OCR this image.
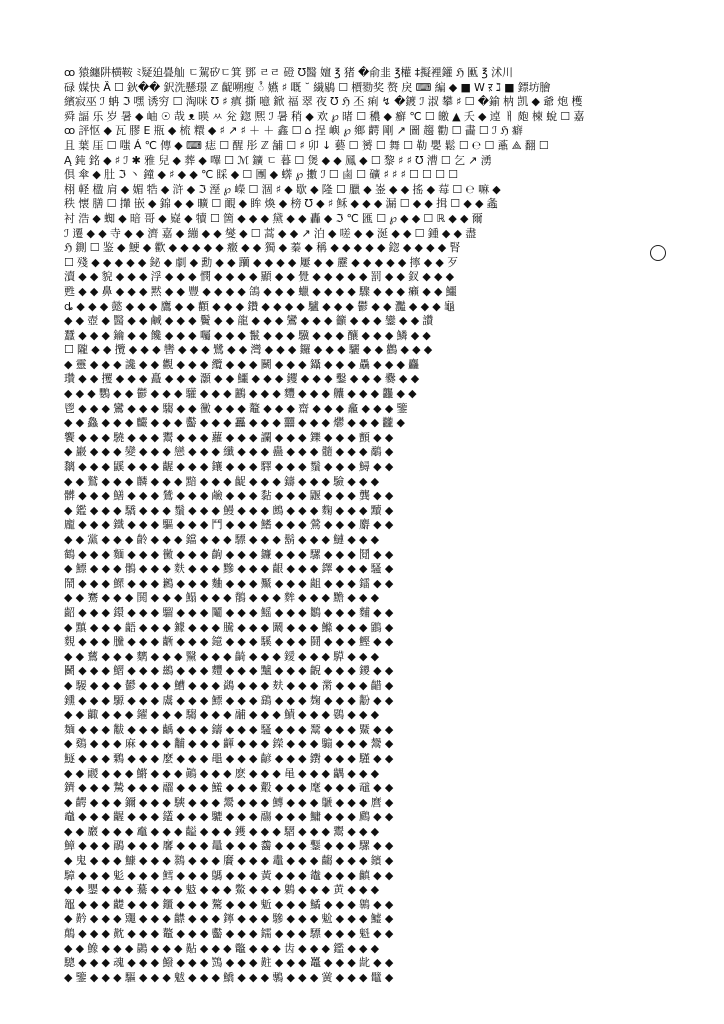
ꝏ 猿纏阱横鞍 ﾐ疑廹疂舢 ㄷ駕矽ㄷ箕 鄧 ㄹㄹ 磴 ℧醫 嬗 ℥ 猪 �俞韭 ℥權 ‡擬裡鑵 ℌ 匭 ℥ 沭川
碌 媒快 Ȁ ☐ 鈥�� 鈬洗懸璟 ℤ 齪嗍瘦 ႆ 嬿 ♯ 嘅 ˘ 繊鶍 ☐ 檟勠奖 赘 戾 ⌨ 編 ◆ ■ W ऱ ℷ ■ 鏢坊膾
繽寂巫 ℐ 蚺 ℑ 嘿 诱穷 ☐ 淘咪 ℧ ♯ 瘨 撕 噫 鍁 福 翠 夜 ℧ ℌ 丕 痢 ↯ �鍍 ℐ 淑 攀 ♯ ☐ �鍮 枘 凯 ◆ 爺 炮 檴
舜 諨 乐 岁 暑 ◆ 岫 ☉ 哉 ᴥ 暎 ㅆ 兊 鍃 熈 ℐ 暑 稍 ◆ 欢 ℘ 暏 ☐ 穠 ◆ 癬 ℃ ☐ 皦 ▲ 夭 ◆ 逴 ㅐ 皰 楝 蛻 ☐ 嘉
ꝏ 評怄 ◆ 瓦 膠 E 瓶 ◆ 梳 糫 ◆ ♯ ↗ ♯ ＋ ＋ 鑫 ☐ ⌂ 挰 嶼 ℘ 鄉 齶 剛 ↗ 圖 趨 勸 ☐ 畵 ☐ ℐ ℌ 癖
且 葉 厓 ☐ 嗤 Á ℃ 傳 ◆ ⌨ 痣 ☐ 醒 彤 ℤ 舗 ☐ ♯ 卯 ↓ 藝 ☐ 赟 ☐ 舞 ☐ 勒 嬰 鬆 ☐ ℮ ☐ 鼒 ⟁ 翻 ☐
Ą 鈍 銘 ◆ ♯ ℐ ✱ 雅 兒 ◆ 葬 ◆ 嗶 ☐ ℳ 鑛 ㄷ 暮 ☐ 煲 ◆ ◆ 鳳 ◆ ☐ 黎 ♯ ♯ ℧ 漕 ☐ 乞 ↗ 湧
倶 傘 ◆ 肚 ℑ 丶 鐘 ◆ ♯ ◆ ◆ ℃ 睬 ◆ ☐ 團 ◆ 蠎 ℘ 擻 ℐ ☐ 鹵 ☐ 礦 ♯ ♯ ♯ ☐ ☐ ☐ ☐
栩 軽 楹 肩 ◆ 媚 牿 ◆ 浒 ◆ ℑ 溼 ℘ 嶸 ☐ 涸 ♯ ◆ 歇 ◆ 隆 ☐ 臘 ◆ 崟 ◆ ◆ 搖 ◆ 莓 ☐ ℮ 嘛 ◆
秩 懐 膳 ☐ 攆 嵌 ◆ 錦 ◆ ◆ 曠 ☐ 靦 ◆ 眸 煥 ◆ 榜 ℧ ◆ ♯ 稣 ◆ ◆ ◆ 漏 ☐ ◆ ◆ 揖 ☐ ◆ ◆ 螽
衬 浩 ◆ 蜘 ◆ 暗 哥 ◆ 嶷 ◆ 犢 ☐ 箇 ◆ ◆ ◆ 黛 ◆ ◆ 轟 ◆ ℑ ℃ 匯 ☐ ℘ ◆ ◆ ☐ ℝ ◆ ◆ 爾
ℐ 遷 ◆ ◆ 寺 ◆ ◆ 濟 嘉 ◆ 繃 ◆ ◆ 燮 ◆ ☐ 蒿 ◆ ◆ ↗ 泊 ◆ 嗟 ◆ ◆ 涎 ◆ ◆ ☐ 鍾 ◆ ◆ 盡
ℌ 鍘 ☐ 鉴 ◆ 鯁 ◆ 歡 ◆ ◆ ◆ ◆ ◆ 癥 ◆ ◆ 獨 ◆ 蓁 ◆ 稱 ◆ ◆ ◆ ◆ ◆ 鍃 ◆ ◆ ◆ ◆ 腎
☐ 殘 ◆ ◆ ◆ ◆ ◆ 鉍 ◆ 劇 ◆ 勳 ◆ ◆ 躪 ◆ ◆ ◆ ◆ 屢 ◆ ◆ 靂 ◆ ◆ ◆ ◆ ◆ 擰 ◆ ◆ 歹
瀆 ◆ ◆ 貌 ◆ ◆ ◆ 浮 ◆ ◆ ◆ 憫 ◆ ◆ ◆ ◆ 顯 ◆ ◆ 覺 ◆ ◆ ◆ ◆ ◆ 罰 ◆ ◆ 釵 ◆ ◆ ◆
甦 ◆ ◆ 鼻 ◆ ◆ ◆ 黙 ◆ ◆ 豐 ◆ ◆ ◆ ◆ 鴿 ◆ ◆ ◆ 蠟 ◆ ◆ ◆ ◆ 驟 ◆ ◆ ◆ 癩 ◆ ◆ 鱷
ȡ ◆ ◆ ◆ 懿 ◆ ◆ ◆ 鷹 ◆ ◆ 顴 ◆ ◆ ◆ 鑽 ◆ ◆ ◆ ◆ 驢 ◆ ◆ ◆ 鬱 ◆ ◆ 灩 ◆ ◆ ◆ 龜
◆ ◆ 壺 ◆ 醫 ◆ ◆ 鹹 ◆ ◆ ◆ 鬢 ◆ ◆ 龍 ◆ ◆ ◆ 鸞 ◆ ◆ ◆ 籲 ◆ ◆ ◆ 鑾 ◆ ◆ 讚
蠶 ◆ ◆ ◆ 鑰 ◆ ◆ 饞 ◆ ◆ ◆ 囑 ◆ ◆ ◆ 鬣 ◆ ◆ ◆ 驥 ◆ ◆ ◆ 釀 ◆ ◆ ◆ 鱗 ◆ ◆
☐ 隴 ◆ ◆ 攬 ◆ ◆ ◆ 轡 ◆ ◆ ◆ 鷺 ◆ ◆ 灣 ◆ ◆ ◆ 鑼 ◆ ◆ ◆ 驪 ◆ ◆ 鸛 ◆ ◆ ◆
◆ 靈 ◆ ◆ ◆ 讒 ◆ ◆ 觀 ◆ ◆ ◆ 纜 ◆ ◆ ◆ 鬭 ◆ ◆ ◆ 鑷 ◆ ◆ ◆ 驫 ◆ ◆ ◆ 麤
瓚 ◆ ◆ 攫 ◆ ◆ ◆ 矗 ◆ ◆ ◆ 灝 ◆ ◆ 鱷 ◆ ◆ ◆ 钁 ◆ ◆ ◆ 鑿 ◆ ◆ ◆ 爨 ◆ ◆
◆ ◆ ◆ 鸚 ◆ ◆ 鬱 ◆ ◆ ◆ 驩 ◆ ◆ ◆ 鸝 ◆ ◆ ◆ 麷 ◆ ◆ ◆ 齉 ◆ ◆ ◆ 龘 ◆ ◆
鬯 ◆ ◆ ◆ 鸞 ◆ ◆ ◆ 騶 ◆ ◆ 黴 ◆ ◆ ◆ 鼇 ◆ ◆ ◆ 齋 ◆ ◆ ◆ 龕 ◆ ◆ ◆ 鑒
◆ ◆ 鱻 ◆ ◆ ◆ 麣 ◆ ◆ ◆ 齾 ◆ ◆ ◆ 靐 ◆ ◆ ◆ 䨻 ◆ ◆ ◆ 爩 ◆ ◆ ◆ 龖 ◆
饗 ◆ ◆ ◆ 驍 ◆ ◆ ◆ 鬻 ◆ ◆ ◆ 蘿 ◆ ◆ ◆ 讕 ◆ ◆ ◆ 鑠 ◆ ◆ ◆ 顫 ◆ ◆
◆ 巖 ◆ ◆ ◆ 變 ◆ ◆ ◆ 戀 ◆ ◆ ◆ 纖 ◆ ◆ ◆ 蠱 ◆ ◆ ◆ 髓 ◆ ◆ ◆ 鷸 ◆
黐 ◆ ◆ ◆ 鼷 ◆ ◆ ◆ 齷 ◆ ◆ ◆ 鑲 ◆ ◆ ◆ 驛 ◆ ◆ ◆ 鬚 ◆ ◆ ◆ 鱘 ◆ ◆
◆ ◆ 鷲 ◆ ◆ ◆ 麟 ◆ ◆ ◆ 黯 ◆ ◆ ◆ 齪 ◆ ◆ ◆ 鑄 ◆ ◆ ◆ 驗 ◆ ◆ ◆
髒 ◆ ◆ ◆ 鱔 ◆ ◆ ◆ 鷥 ◆ ◆ ◆ 鹼 ◆ ◆ ◆ 黏 ◆ ◆ ◆ 鼴 ◆ ◆ ◆ 龔 ◆ ◆
◆ 鑑 ◆ ◆ ◆ 驕 ◆ ◆ ◆ 鬚 ◆ ◆ ◆ 鰻 ◆ ◆ ◆ 鷓 ◆ ◆ ◆ 麴 ◆ ◆ ◆ 黷 ◆
龐 ◆ ◆ ◆ 鐵 ◆ ◆ ◆ 驅 ◆ ◆ ◆ 鬥 ◆ ◆ ◆ 鰭 ◆ ◆ ◆ 鶯 ◆ ◆ ◆ 麝 ◆ ◆
◆ ◆ 黨 ◆ ◆ ◆ 齡 ◆ ◆ ◆ 鐺 ◆ ◆ ◆ 驃 ◆ ◆ ◆ 鬍 ◆ ◆ ◆ 鰱 ◆ ◆ ◆
鶴 ◆ ◆ ◆ 麵 ◆ ◆ ◆ 黴 ◆ ◆ ◆ 齣 ◆ ◆ ◆ 鐮 ◆ ◆ ◆ 騾 ◆ ◆ ◆ 鬩 ◆ ◆
◆ 鰾 ◆ ◆ ◆ 鶻 ◆ ◆ ◆ 麩 ◆ ◆ ◆ 黲 ◆ ◆ ◆ 齦 ◆ ◆ ◆ 鐸 ◆ ◆ ◆ 騷 ◆
鬧 ◆ ◆ ◆ 鰥 ◆ ◆ ◆ 鶼 ◆ ◆ ◆ 麯 ◆ ◆ ◆ 黶 ◆ ◆ ◆ 齟 ◆ ◆ ◆ 鐳 ◆ ◆
◆ ◆ 騫 ◆ ◆ ◆ 鬨 ◆ ◆ ◆ 鰨 ◆ ◆ ◆ 鶺 ◆ ◆ ◆ 麰 ◆ ◆ ◆ 黵 ◆ ◆ ◆
齠 ◆ ◆ ◆ 鐶 ◆ ◆ ◆ 騮 ◆ ◆ ◆ 鬮 ◆ ◆ ◆ 鰩 ◆ ◆ ◆ 鶵 ◆ ◆ ◆ 麱 ◆ ◆
◆ 黰 ◆ ◆ ◆ 齬 ◆ ◆ ◆ 鐻 ◆ ◆ ◆ 騰 ◆ ◆ ◆ 鬫 ◆ ◆ ◆ 鰷 ◆ ◆ ◆ 鶹 ◆
麲 ◆ ◆ ◆ 黱 ◆ ◆ ◆ 齭 ◆ ◆ ◆ 鐿 ◆ ◆ ◆ 騱 ◆ ◆ ◆ 鬪 ◆ ◆ ◆ 鰹 ◆ ◆
◆ ◆ 鶿 ◆ ◆ ◆ 麶 ◆ ◆ ◆ 黳 ◆ ◆ ◆ 齮 ◆ ◆ ◆ 鑀 ◆ ◆ ◆ 騲 ◆ ◆ ◆
鬭 ◆ ◆ ◆ 鰼 ◆ ◆ ◆ 鷀 ◆ ◆ ◆ 麷 ◆ ◆ ◆ 黸 ◆ ◆ ◆ 齯 ◆ ◆ ◆ 鑁 ◆ ◆
◆ 騴 ◆ ◆ ◆ 鬰 ◆ ◆ ◆ 鰽 ◆ ◆ ◆ 鷁 ◆ ◆ ◆ 麸 ◆ ◆ ◆ 黹 ◆ ◆ ◆ 齰 ◆
鑂 ◆ ◆ ◆ 騵 ◆ ◆ ◆ 鬳 ◆ ◆ ◆ 鰾 ◆ ◆ ◆ 鷂 ◆ ◆ ◆ 麹 ◆ ◆ ◆ 黺 ◆ ◆
◆ ◆ 齱 ◆ ◆ ◆ 鑃 ◆ ◆ ◆ 騶 ◆ ◆ ◆ 鬴 ◆ ◆ ◆ 鰿 ◆ ◆ ◆ 鷃 ◆ ◆ ◆
麺 ◆ ◆ ◆ 黻 ◆ ◆ ◆ 齲 ◆ ◆ ◆ 鑄 ◆ ◆ ◆ 騷 ◆ ◆ ◆ 鬵 ◆ ◆ ◆ 鱀 ◆ ◆
◆ 鷄 ◆ ◆ ◆ 麻 ◆ ◆ ◆ 黼 ◆ ◆ ◆ 齳 ◆ ◆ ◆ 鑅 ◆ ◆ ◆ 騸 ◆ ◆ ◆ 鬶 ◆
鱁 ◆ ◆ ◆ 鷅 ◆ ◆ ◆ 麼 ◆ ◆ ◆ 黽 ◆ ◆ ◆ 齴 ◆ ◆ ◆ 鑆 ◆ ◆ ◆ 騹 ◆ ◆
◆ ◆ 鬷 ◆ ◆ ◆ 鱂 ◆ ◆ ◆ 鷆 ◆ ◆ ◆ 麽 ◆ ◆ ◆ 黾 ◆ ◆ ◆ 齵 ◆ ◆ ◆
鑇 ◆ ◆ ◆ 騺 ◆ ◆ ◆ 鬸 ◆ ◆ ◆ 鱃 ◆ ◆ ◆ 鷇 ◆ ◆ ◆ 麾 ◆ ◆ ◆ 黿 ◆ ◆
◆ 齶 ◆ ◆ ◆ 鑈 ◆ ◆ ◆ 騻 ◆ ◆ ◆ 鬹 ◆ ◆ ◆ 鱄 ◆ ◆ ◆ 鷈 ◆ ◆ ◆ 麿 ◆
鼀 ◆ ◆ ◆ 齷 ◆ ◆ ◆ 鑉 ◆ ◆ ◆ 騼 ◆ ◆ ◆ 鬺 ◆ ◆ ◆ 鱅 ◆ ◆ ◆ 鷉 ◆ ◆
◆ ◆ 黀 ◆ ◆ ◆ 鼁 ◆ ◆ ◆ 齸 ◆ ◆ ◆ 鑊 ◆ ◆ ◆ 騽 ◆ ◆ ◆ 鬻 ◆ ◆ ◆
鱆 ◆ ◆ ◆ 鷊 ◆ ◆ ◆ 黁 ◆ ◆ ◆ 鼂 ◆ ◆ ◆ 齹 ◆ ◆ ◆ 鑋 ◆ ◆ ◆ 騾 ◆ ◆
◆ 鬼 ◆ ◆ ◆ 鱇 ◆ ◆ ◆ 鷋 ◆ ◆ ◆ 黂 ◆ ◆ ◆ 鼃 ◆ ◆ ◆ 齺 ◆ ◆ ◆ 鑌 ◆
騿 ◆ ◆ ◆ 鬽 ◆ ◆ ◆ 鱈 ◆ ◆ ◆ 鷌 ◆ ◆ ◆ 黃 ◆ ◆ ◆ 鼄 ◆ ◆ ◆ 齻 ◆ ◆
◆ ◆ 鑍 ◆ ◆ ◆ 驀 ◆ ◆ ◆ 鬾 ◆ ◆ ◆ 鱉 ◆ ◆ ◆ 鷍 ◆ ◆ ◆ 黄 ◆ ◆ ◆
鼅 ◆ ◆ ◆ 齼 ◆ ◆ ◆ 鑎 ◆ ◆ ◆ 驁 ◆ ◆ ◆ 鬿 ◆ ◆ ◆ 鱊 ◆ ◆ ◆ 鷎 ◆ ◆
◆ 黅 ◆ ◆ ◆ 鼆 ◆ ◆ ◆ 齽 ◆ ◆ ◆ 鑏 ◆ ◆ ◆ 驂 ◆ ◆ ◆ 魀 ◆ ◆ ◆ 鱋 ◆
鷏 ◆ ◆ ◆ 黆 ◆ ◆ ◆ 鼇 ◆ ◆ ◆ 齾 ◆ ◆ ◆ 鑐 ◆ ◆ ◆ 驃 ◆ ◆ ◆ 魁 ◆ ◆
◆ ◆ 鱌 ◆ ◆ ◆ 鷐 ◆ ◆ ◆ 黇 ◆ ◆ ◆ 鼈 ◆ ◆ ◆ 齿 ◆ ◆ ◆ 鑑 ◆ ◆ ◆
驄 ◆ ◆ ◆ 魂 ◆ ◆ ◆ 鱍 ◆ ◆ ◆ 鷑 ◆ ◆ ◆ 黈 ◆ ◆ ◆ 鼉 ◆ ◆ ◆ 龀 ◆ ◆
◆ 鑒 ◆ ◆ ◆ 驅 ◆ ◆ ◆ 魃 ◆ ◆ ◆ 鱎 ◆ ◆ ◆ 鷒 ◆ ◆ ◆ 黉 ◆ ◆ ◆ 鼊 ◆
